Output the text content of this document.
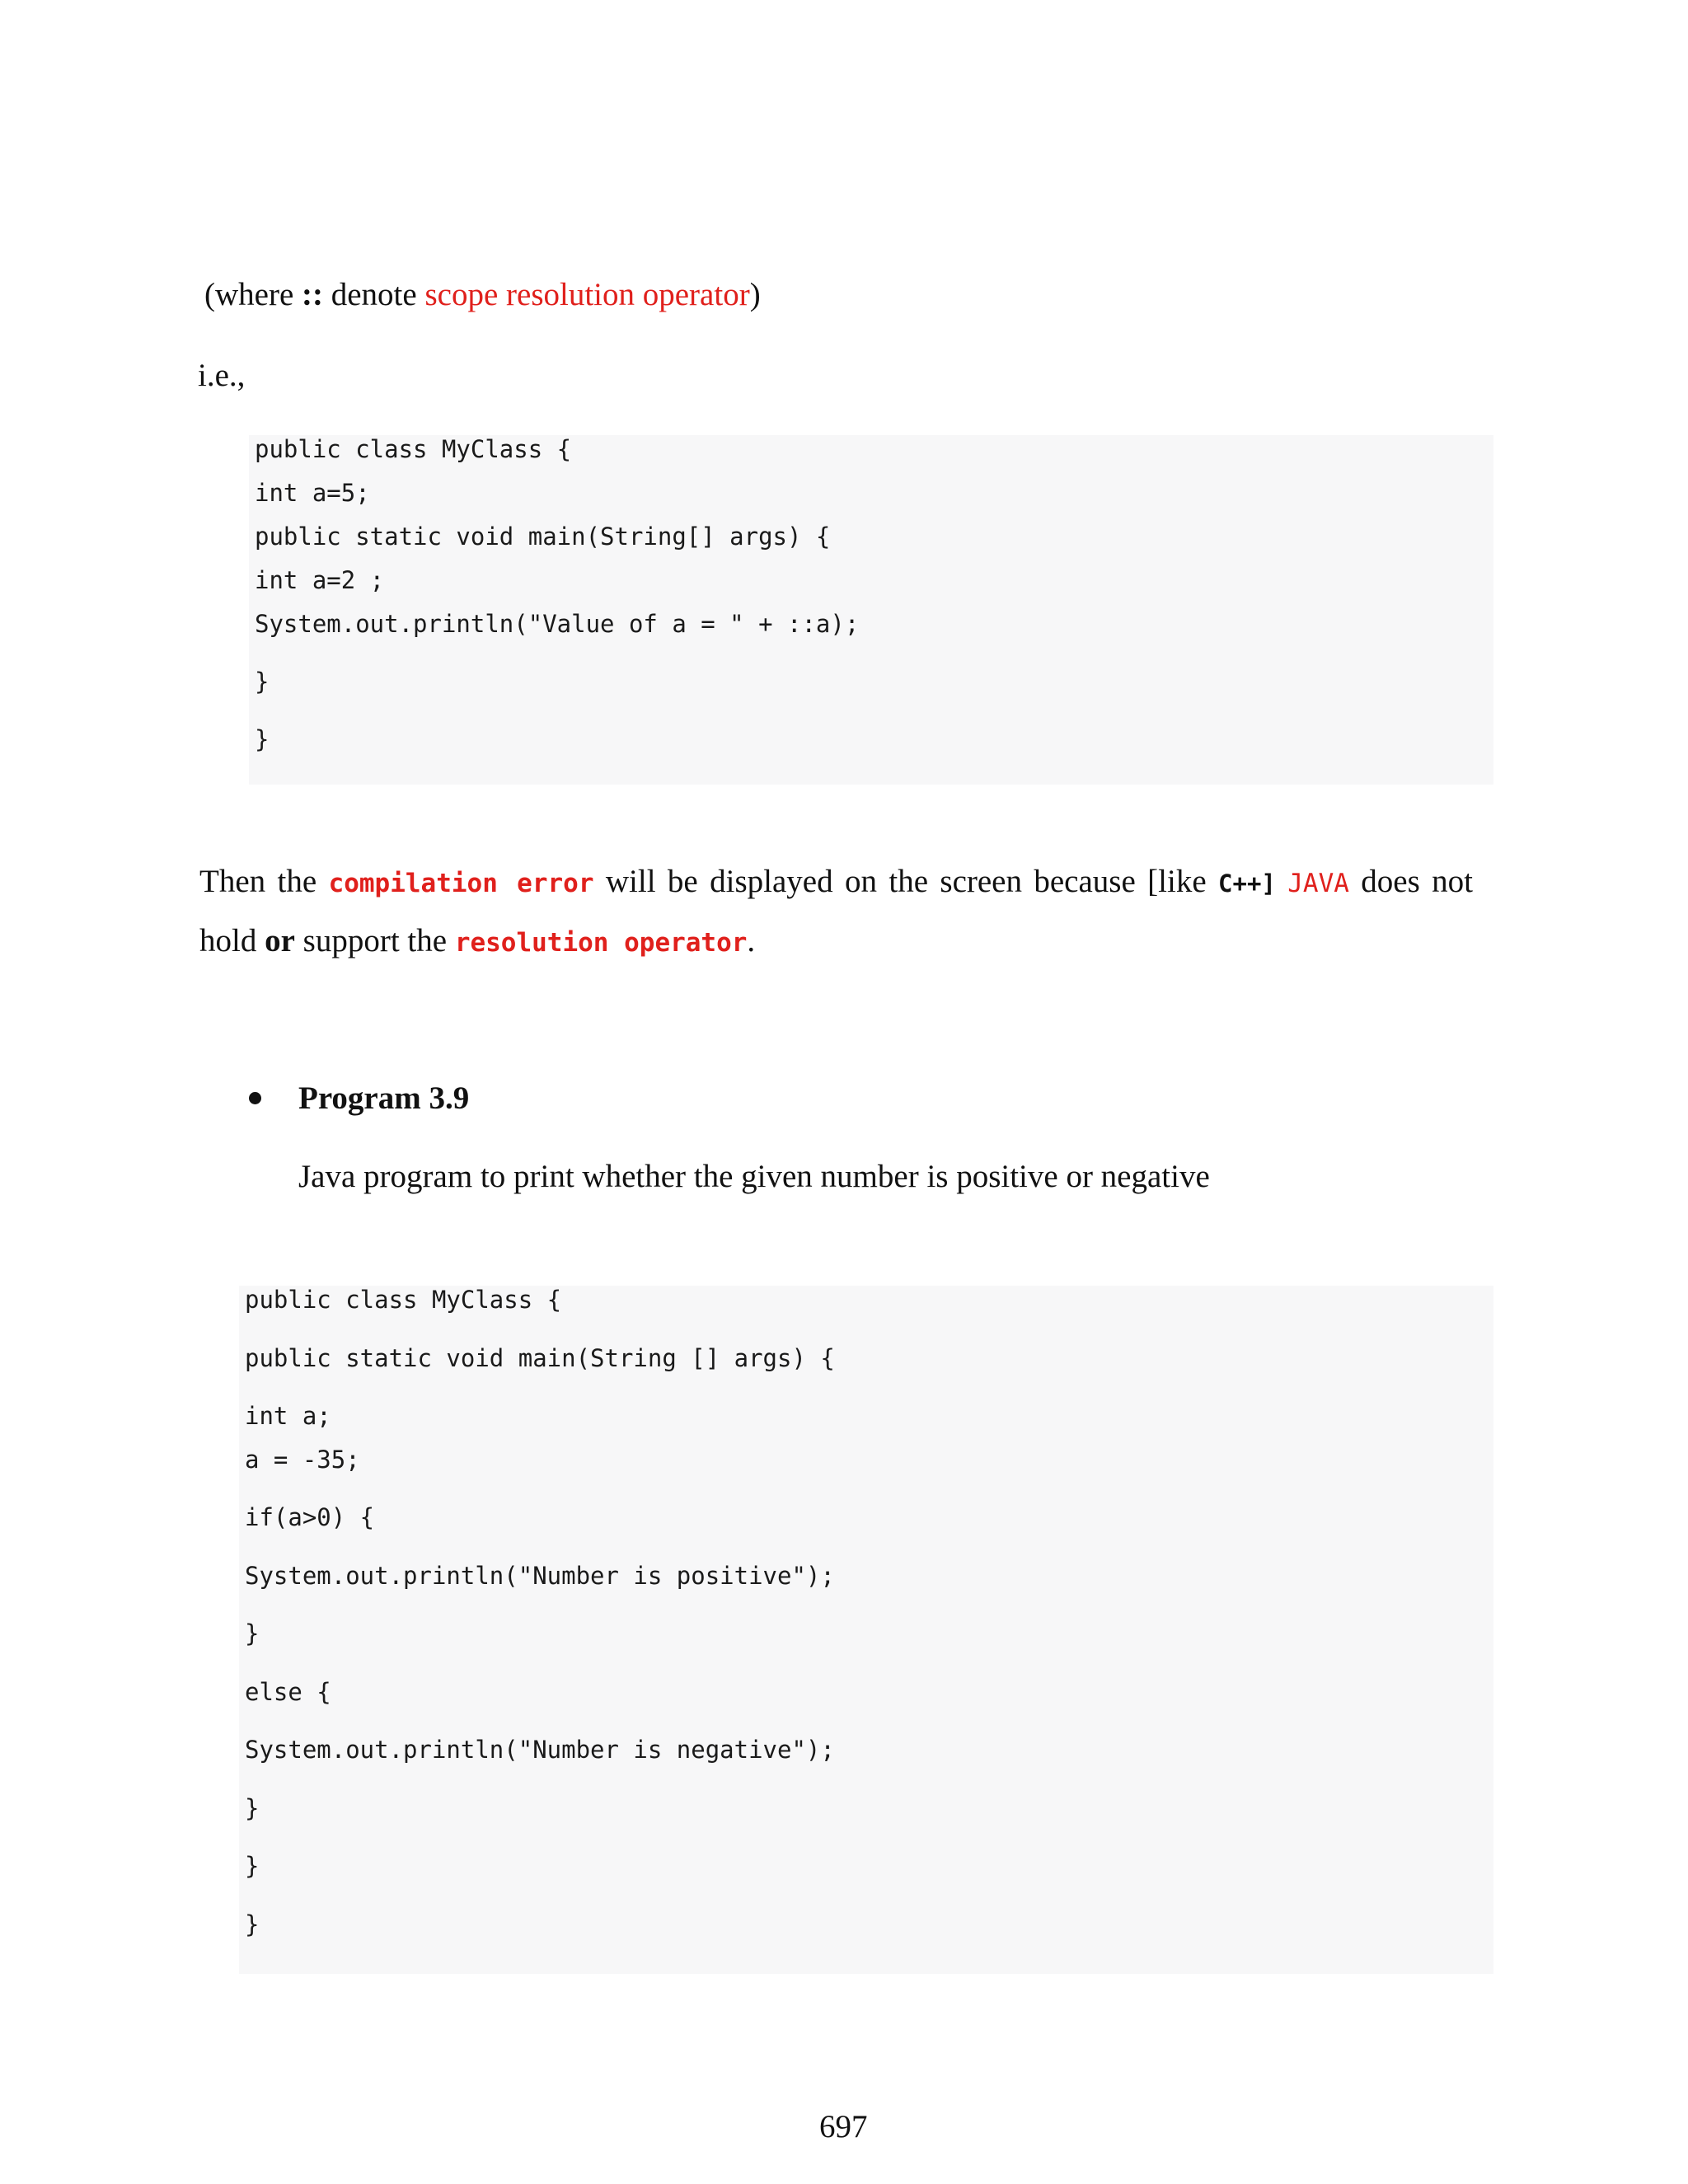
(where :: denote scope resolution operator)
i.e.,
public class MyClass {
int a=5;
public static void main(String[] args) {
int a=2 ;
System.out.println("Value of a = " + ::a);
}
}
Then the compilation error will be displayed on the screen because [like C++] JAVA does not hold or support the resolution operator.
Program 3.9
Java program to print whether the given number is positive or negative
public class MyClass {
public static void main(String [] args) {
int a;
a = -35;
if(a>0) {
System.out.println("Number is positive");
}
else {
System.out.println("Number is negative");
}
}
}
697
